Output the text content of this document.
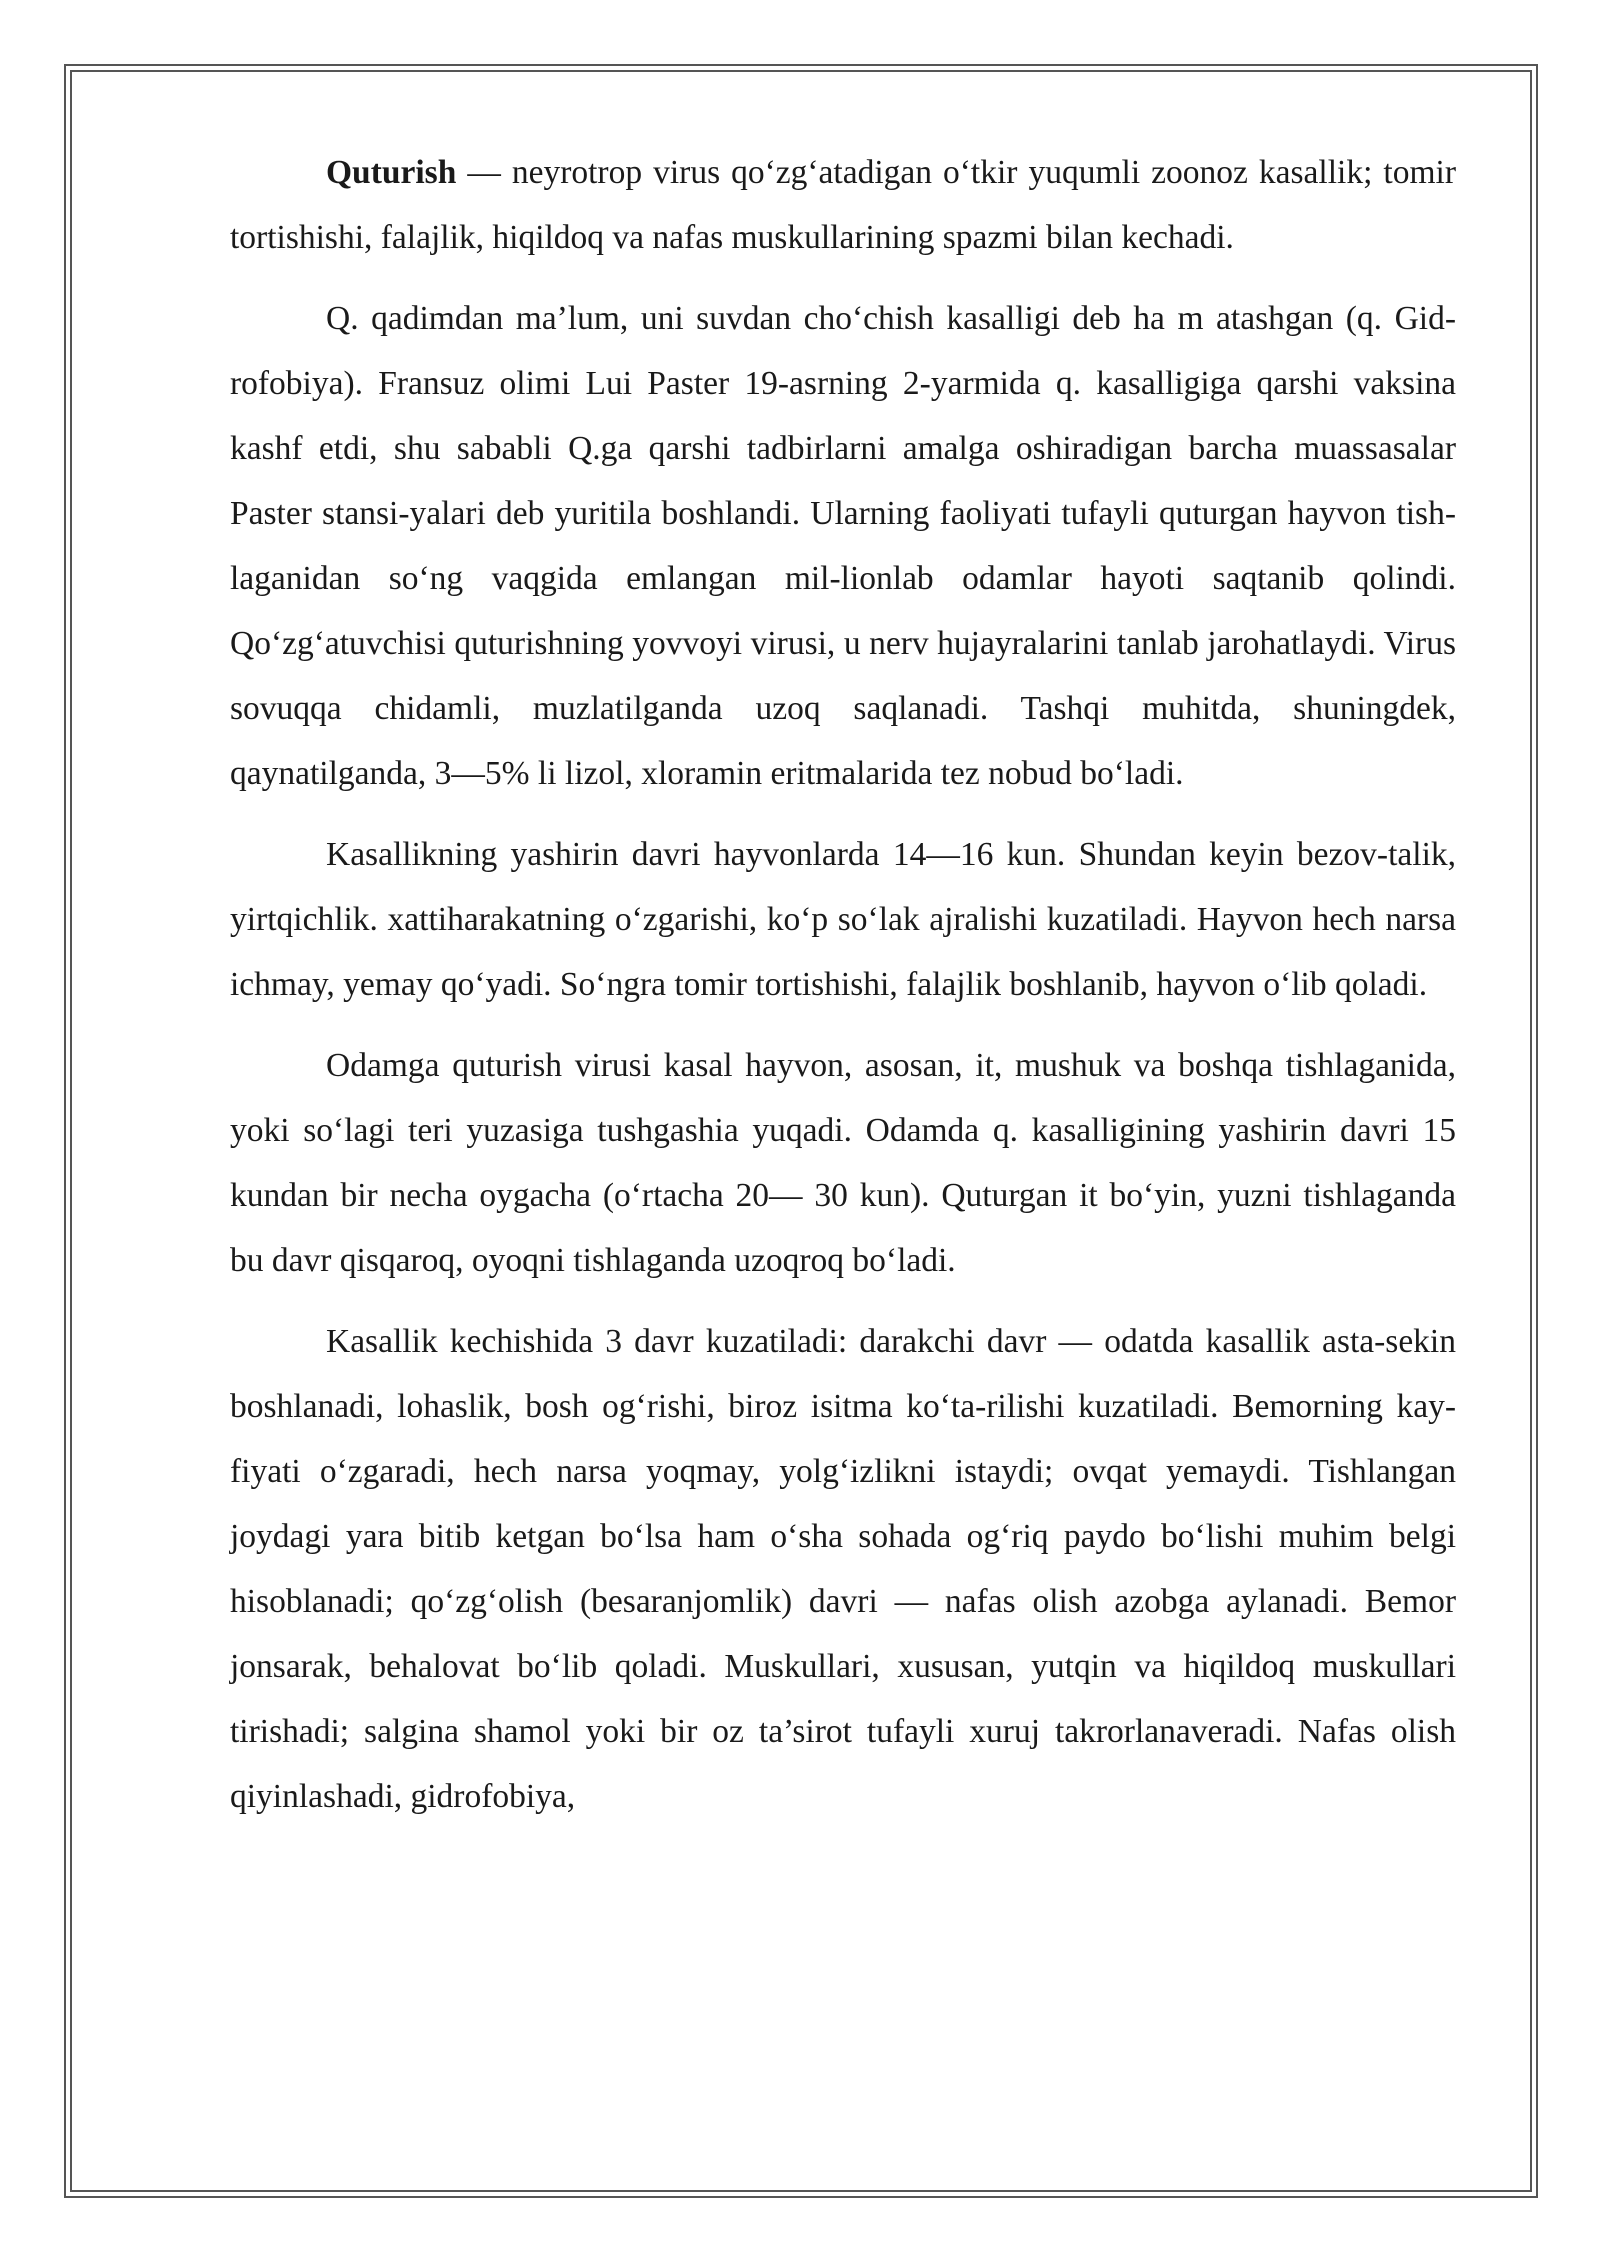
Quturish — neyrotrop virus qo‘zg‘atadigan o‘tkir yuqumli zoonoz kasallik; tomir tortishishi, falajlik, hiqildoq va nafas muskullarining spazmi bilan kechadi.

Q. qadimdan ma’lum, uni suvdan cho‘chish kasalligi deb ha m atashgan (q. Gid-rofobiya). Fransuz olimi Lui Paster 19-asrning 2-yarmida q. kasalligiga qarshi vaksina kashf etdi, shu sababli Q.ga qarshi tadbirlarni amalga oshiradigan barcha muassasalar Paster stansi-yalari deb yuritila boshlandi. Ularning faoliyati tufayli quturgan hayvon tish-laganidan so‘ng vaqgida emlangan mil-lionlab odamlar hayoti saqtanib qolindi. Qo‘zg‘atuvchisi quturishning yovvoyi virusi, u nerv hujayralarini tanlab jarohatlaydi. Virus sovuqqa chidamli, muzlatilganda uzoq saqlanadi. Tashqi muhitda, shuningdek, qaynatilganda, 3—5% li lizol, xloramin eritmalarida tez nobud bo‘ladi.

Kasallikning yashirin davri hayvonlarda 14—16 kun. Shundan keyin bezov-talik, yirtqichlik. xattiharakatning o‘zgarishi, ko‘p so‘lak ajralishi kuzatiladi. Hayvon hech narsa ichmay, yemay qo‘yadi. So‘ngra tomir tortishishi, falajlik boshlanib, hayvon o‘lib qoladi.

Odamga quturish virusi kasal hayvon, asosan, it, mushuk va boshqa tishlaganida, yoki so‘lagi teri yuzasiga tushgashia yuqadi. Odamda q. kasalligining yashirin davri 15 kundan bir necha oygacha (o‘rtacha 20— 30 kun). Quturgan it bo‘yin, yuzni tishlaganda bu davr qisqaroq, oyoqni tishlaganda uzoqroq bo‘ladi.

Kasallik kechishida 3 davr kuzatiladi: darakchi davr — odatda kasallik asta-sekin boshlanadi, lohaslik, bosh og‘rishi, biroz isitma ko‘ta-rilishi kuzatiladi. Bemorning kay-fiyati o‘zgaradi, hech narsa yoqmay, yolg‘izlikni istaydi; ovqat yemaydi. Tishlangan joydagi yara bitib ketgan bo‘lsa ham o‘sha sohada og‘riq paydo bo‘lishi muhim belgi hisoblanadi; qo‘zg‘olish (besaranjomlik) davri — nafas olish azobga aylanadi. Bemor jonsarak, behalovat bo‘lib qoladi. Muskullari, xususan, yutqin va hiqildoq muskullari tirishadi; salgina shamol yoki bir oz ta’sirot tufayli xuruj takrorlanaveradi. Nafas olish qiyinlashadi, gidrofobiya,
